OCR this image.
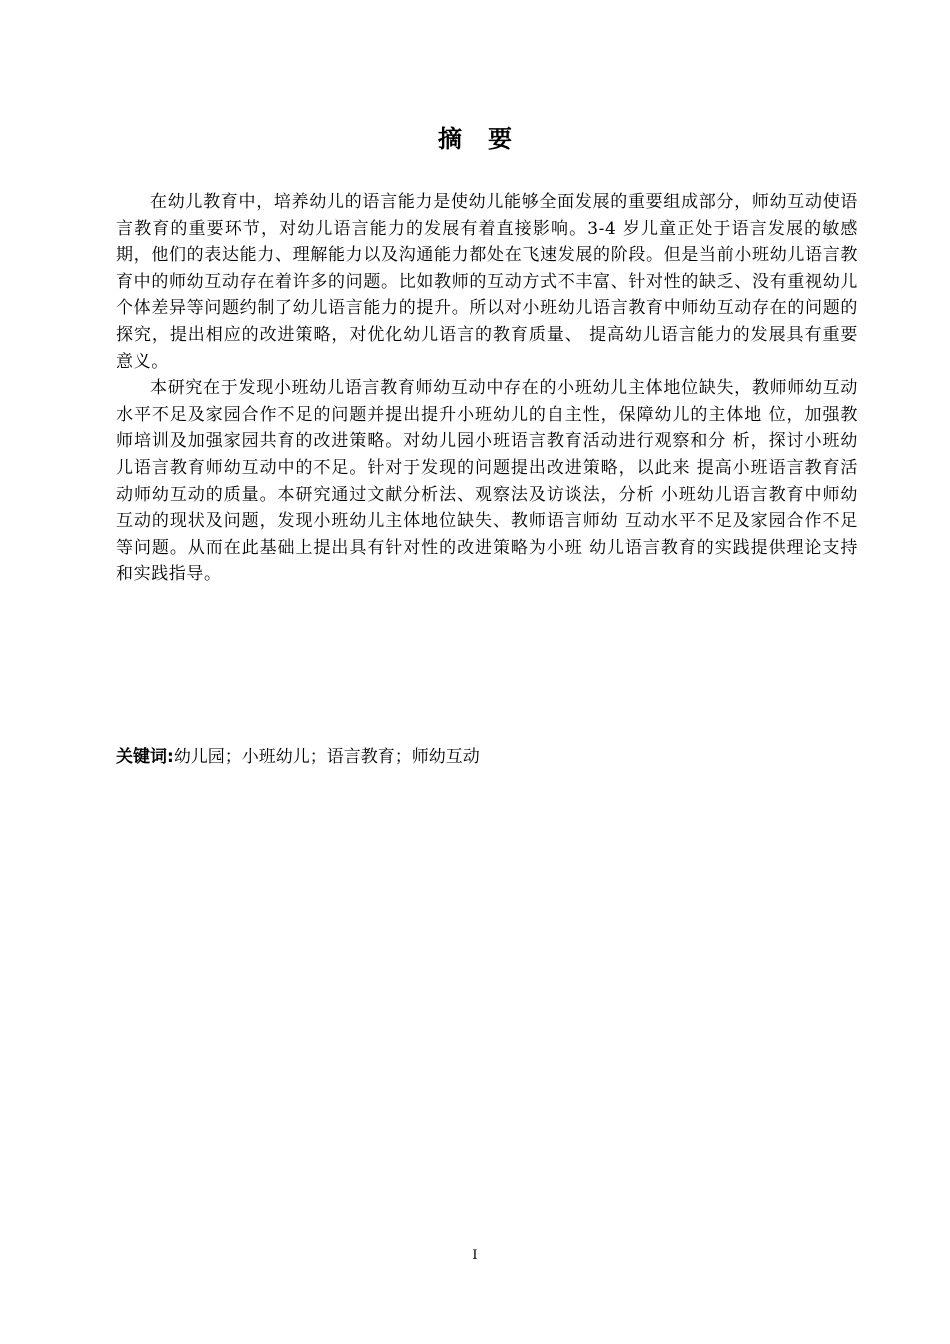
摘 要

在幼儿教育中，培养幼儿的语言能力是使幼儿能够全面发展的重要组成部分，师幼互动使语言教育的重要环节，对幼儿语言能力的发展有着直接影响。3-4 岁儿童正处于语言发展的敏感期，他们的表达能力、理解能力以及沟通能力都处在飞速发展的阶段。但是当前小班幼儿语言教育中的师幼互动存在着许多的问题。比如教师的互动方式不丰富、针对性的缺乏、没有重视幼儿个体差异等问题约制了幼儿语言能力的提升。所以对小班幼儿语言教育中师幼互动存在的问题的探究，提出相应的改进策略，对优化幼儿语言的教育质量、 提高幼儿语言能力的发展具有重要意义。

本研究在于发现小班幼儿语言教育师幼互动中存在的小班幼儿主体地位缺失，教师师幼互动水平不足及家园合作不足的问题并提出提升小班幼儿的自主性，保障幼儿的主体地 位，加强教师培训及加强家园共育的改进策略。对幼儿园小班语言教育活动进行观察和分 析，探讨小班幼儿语言教育师幼互动中的不足。针对于发现的问题提出改进策略，以此来 提高小班语言教育活动师幼互动的质量。本研究通过文献分析法、观察法及访谈法，分析 小班幼儿语言教育中师幼互动的现状及问题，发现小班幼儿主体地位缺失、教师语言师幼 互动水平不足及家园合作不足等问题。从而在此基础上提出具有针对性的改进策略为小班 幼儿语言教育的实践提供理论支持和实践指导。

关键词:幼儿园；小班幼儿；语言教育；师幼互动
I
